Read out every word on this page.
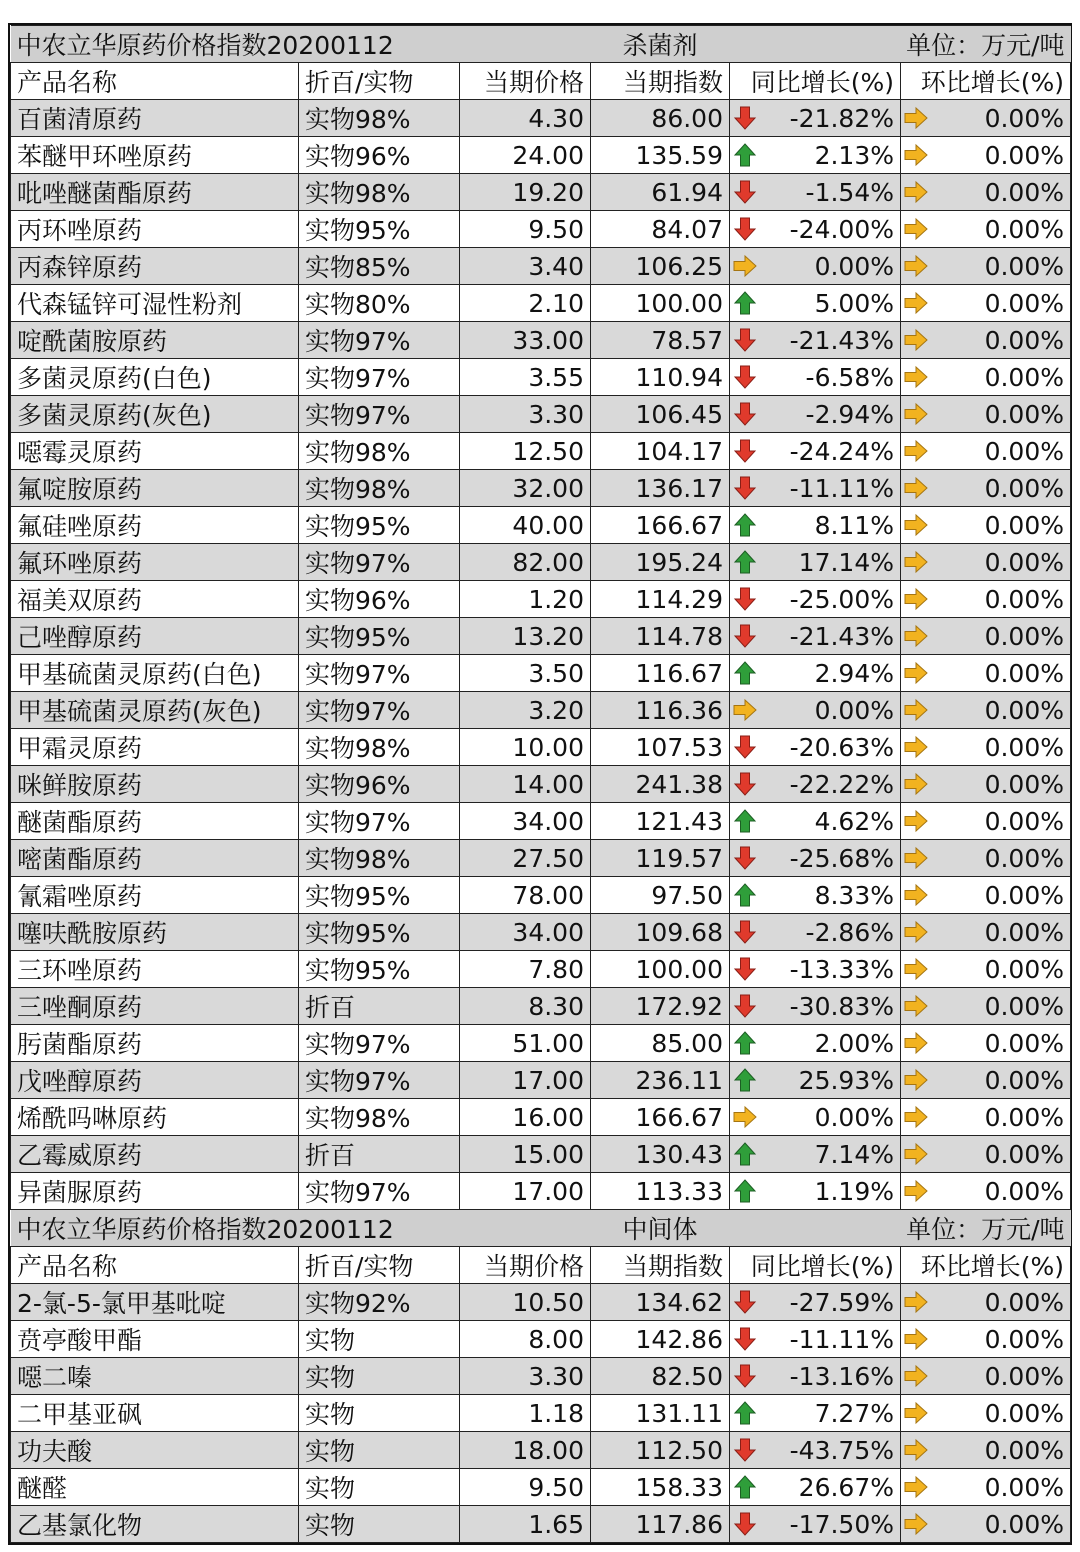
中农立华原药价格指数20200112			杀菌剂	单位：万元/吨	
产品名称	折百/实物	当期价格	当期指数	同比增长(%)	环比增长(%)
百菌清原药	实物98%	4.30	86.00	-21.82%	0.00%
苯醚甲环唑原药	实物96%	24.00	135.59	2.13%	0.00%
吡唑醚菌酯原药	实物98%	19.20	61.94	-1.54%	0.00%
丙环唑原药	实物95%	9.50	84.07	-24.00%	0.00%
丙森锌原药	实物85%	3.40	106.25	0.00%	0.00%
代森锰锌可湿性粉剂	实物80%	2.10	100.00	5.00%	0.00%
啶酰菌胺原药	实物97%	33.00	78.57	-21.43%	0.00%
多菌灵原药(白色)	实物97%	3.55	110.94	-6.58%	0.00%
多菌灵原药(灰色)	实物97%	3.30	106.45	-2.94%	0.00%
噁霉灵原药	实物98%	12.50	104.17	-24.24%	0.00%
氟啶胺原药	实物98%	32.00	136.17	-11.11%	0.00%
氟硅唑原药	实物95%	40.00	166.67	8.11%	0.00%
氟环唑原药	实物97%	82.00	195.24	17.14%	0.00%
福美双原药	实物96%	1.20	114.29	-25.00%	0.00%
己唑醇原药	实物95%	13.20	114.78	-21.43%	0.00%
甲基硫菌灵原药(白色)	实物97%	3.50	116.67	2.94%	0.00%
甲基硫菌灵原药(灰色)	实物97%	3.20	116.36	0.00%	0.00%
甲霜灵原药	实物98%	10.00	107.53	-20.63%	0.00%
咪鲜胺原药	实物96%	14.00	241.38	-22.22%	0.00%
醚菌酯原药	实物97%	34.00	121.43	4.62%	0.00%
嘧菌酯原药	实物98%	27.50	119.57	-25.68%	0.00%
氰霜唑原药	实物95%	78.00	97.50	8.33%	0.00%
噻呋酰胺原药	实物95%	34.00	109.68	-2.86%	0.00%
三环唑原药	实物95%	7.80	100.00	-13.33%	0.00%
三唑酮原药	折百	8.30	172.92	-30.83%	0.00%
肟菌酯原药	实物97%	51.00	85.00	2.00%	0.00%
戊唑醇原药	实物97%	17.00	236.11	25.93%	0.00%
烯酰吗啉原药	实物98%	16.00	166.67	0.00%	0.00%
乙霉威原药	折百	15.00	130.43	7.14%	0.00%
异菌脲原药	实物97%	17.00	113.33	1.19%	0.00%
中农立华原药价格指数20200112			中间体	单位：万元/吨	
产品名称	折百/实物	当期价格	当期指数	同比增长(%)	环比增长(%)
2-氯-5-氯甲基吡啶	实物92%	10.50	134.62	-27.59%	0.00%
贲亭酸甲酯	实物	8.00	142.86	-11.11%	0.00%
噁二嗪	实物	3.30	82.50	-13.16%	0.00%
二甲基亚砜	实物	1.18	131.11	7.27%	0.00%
功夫酸	实物	18.00	112.50	-43.75%	0.00%
醚醛	实物	9.50	158.33	26.67%	0.00%
乙基氯化物	实物	1.65	117.86	-17.50%	0.00%
